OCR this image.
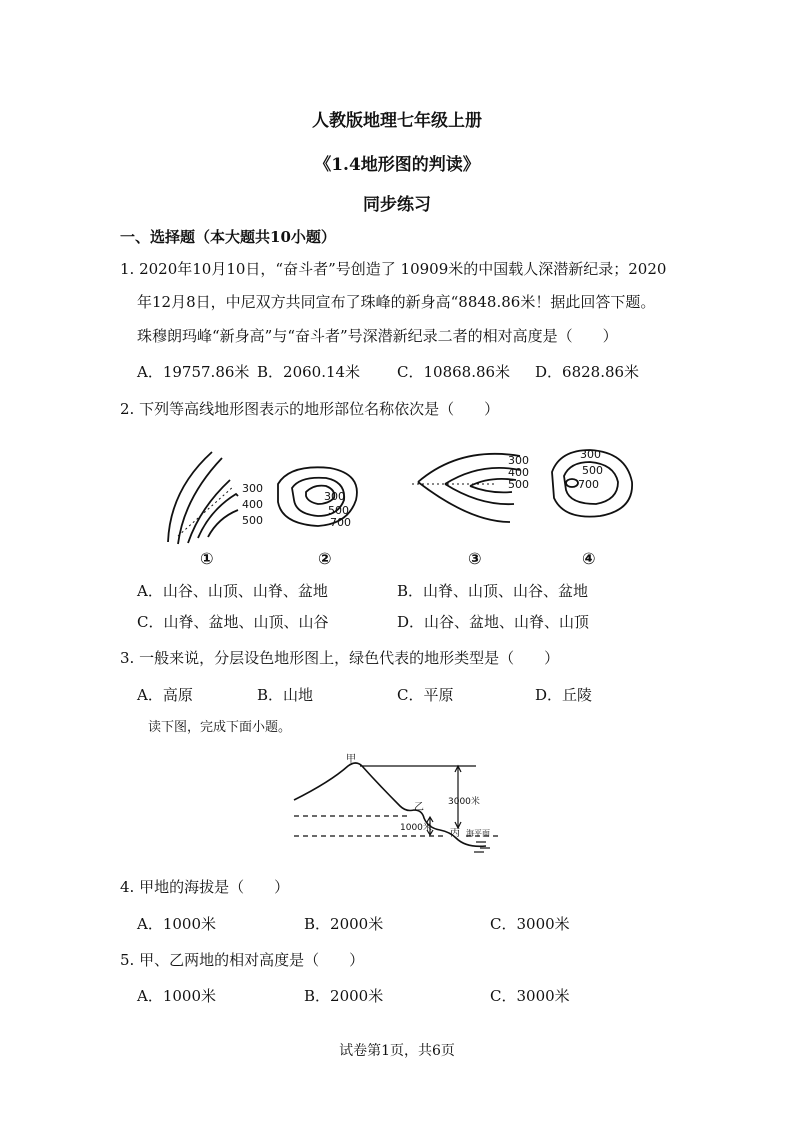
人教版地理七年级上册
《1.4地形图的判读》
同步练习
一、选择题（本大题共10小题）
1. 2020年10月10日，“奋斗者”号创造了 10909米的中国载人深潜新纪录；2020
年12月8日，中尼双方共同宣布了珠峰的新身高“8848.86米！据此回答下题。
珠穆朗玛峰“新身高”与“奋斗者”号深潜新纪录二者的相对高度是（　　）
A．19757.86米 B．2060.14米 C．10868.86米 D．6828.86米
2. 下列等高线地形图表示的地形部位名称依次是（　　）
300
400
500
300
500
700
300
400
500
300
500
700
①	②	③	④
A．山谷、山顶、山脊、盆地	B．山脊、山顶、山谷、盆地
C．山脊、盆地、山顶、山谷	D．山谷、盆地、山脊、山顶
3. 一般来说，分层设色地形图上，绿色代表的地形类型是（　　）
A．高原	B．山地	C．平原	D．丘陵
读下图，完成下面小题。
甲
乙
丙
3000米
1000米
海平面
4. 甲地的海拔是（　　）
A．1000米	B．2000米	C．3000米
5. 甲、乙两地的相对高度是（　　）
A．1000米	B．2000米	C．3000米
试卷第1页，共6页
